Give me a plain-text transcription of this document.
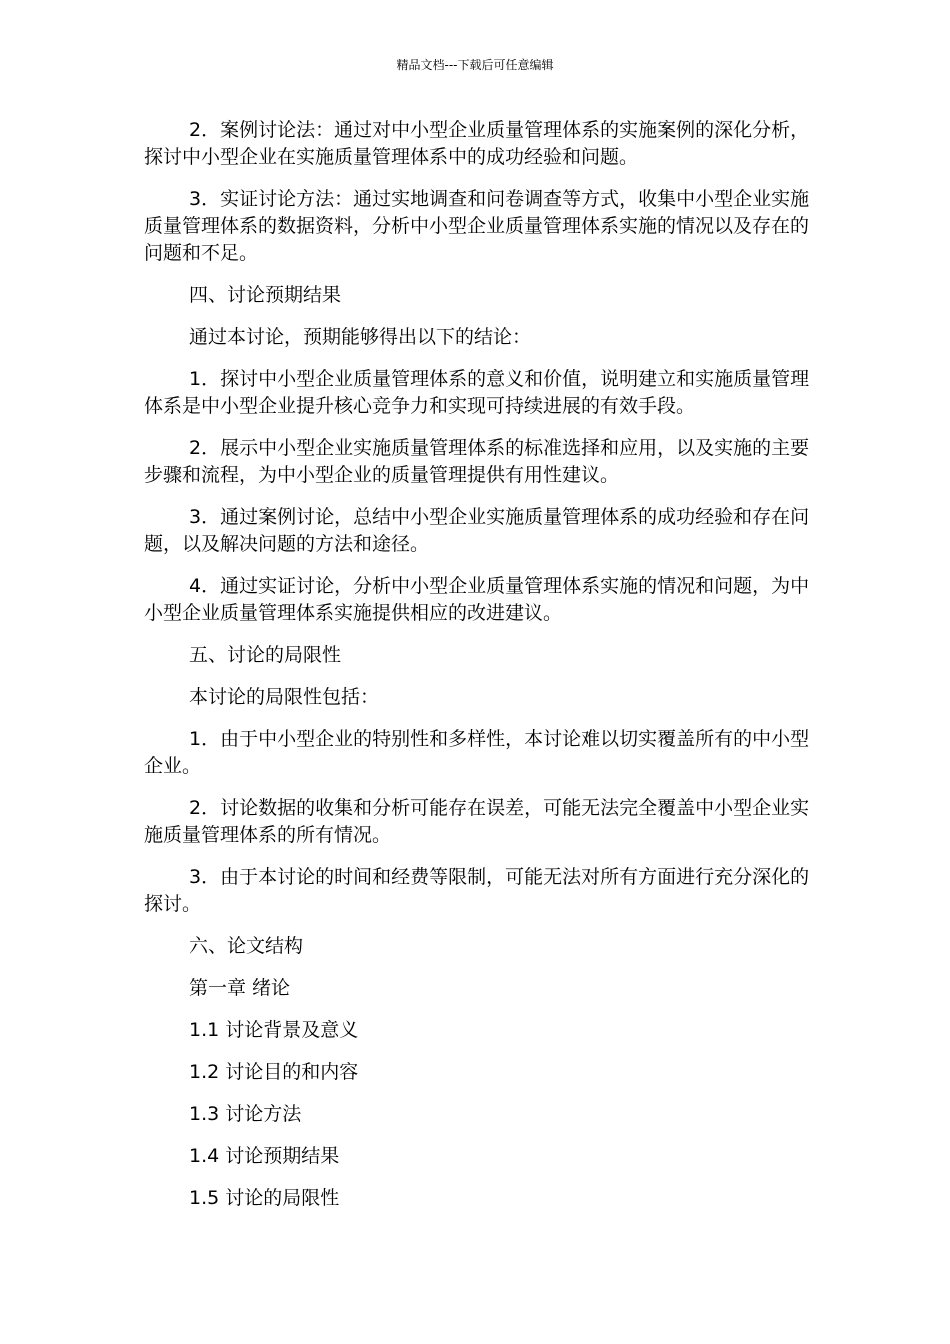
精品文档---下载后可任意编辑

2．案例讨论法：通过对中小型企业质量管理体系的实施案例的深化分析，探讨中小型企业在实施质量管理体系中的成功经验和问题。

3．实证讨论方法：通过实地调查和问卷调查等方式，收集中小型企业实施质量管理体系的数据资料，分析中小型企业质量管理体系实施的情况以及存在的问题和不足。

四、讨论预期结果
通过本讨论，预期能够得出以下的结论：

1．探讨中小型企业质量管理体系的意义和价值，说明建立和实施质量管理体系是中小型企业提升核心竞争力和实现可持续进展的有效手段。

2．展示中小型企业实施质量管理体系的标准选择和应用，以及实施的主要步骤和流程，为中小型企业的质量管理提供有用性建议。

3．通过案例讨论，总结中小型企业实施质量管理体系的成功经验和存在问题，以及解决问题的方法和途径。

4．通过实证讨论，分析中小型企业质量管理体系实施的情况和问题，为中小型企业质量管理体系实施提供相应的改进建议。

五、讨论的局限性
本讨论的局限性包括：

1．由于中小型企业的特别性和多样性，本讨论难以切实覆盖所有的中小型企业。

2．讨论数据的收集和分析可能存在误差，可能无法完全覆盖中小型企业实施质量管理体系的所有情况。

3．由于本讨论的时间和经费等限制，可能无法对所有方面进行充分深化的探讨。

六、论文结构
第一章 绪论
1.1 讨论背景及意义
1.2 讨论目的和内容
1.3 讨论方法
1.4 讨论预期结果
1.5 讨论的局限性
